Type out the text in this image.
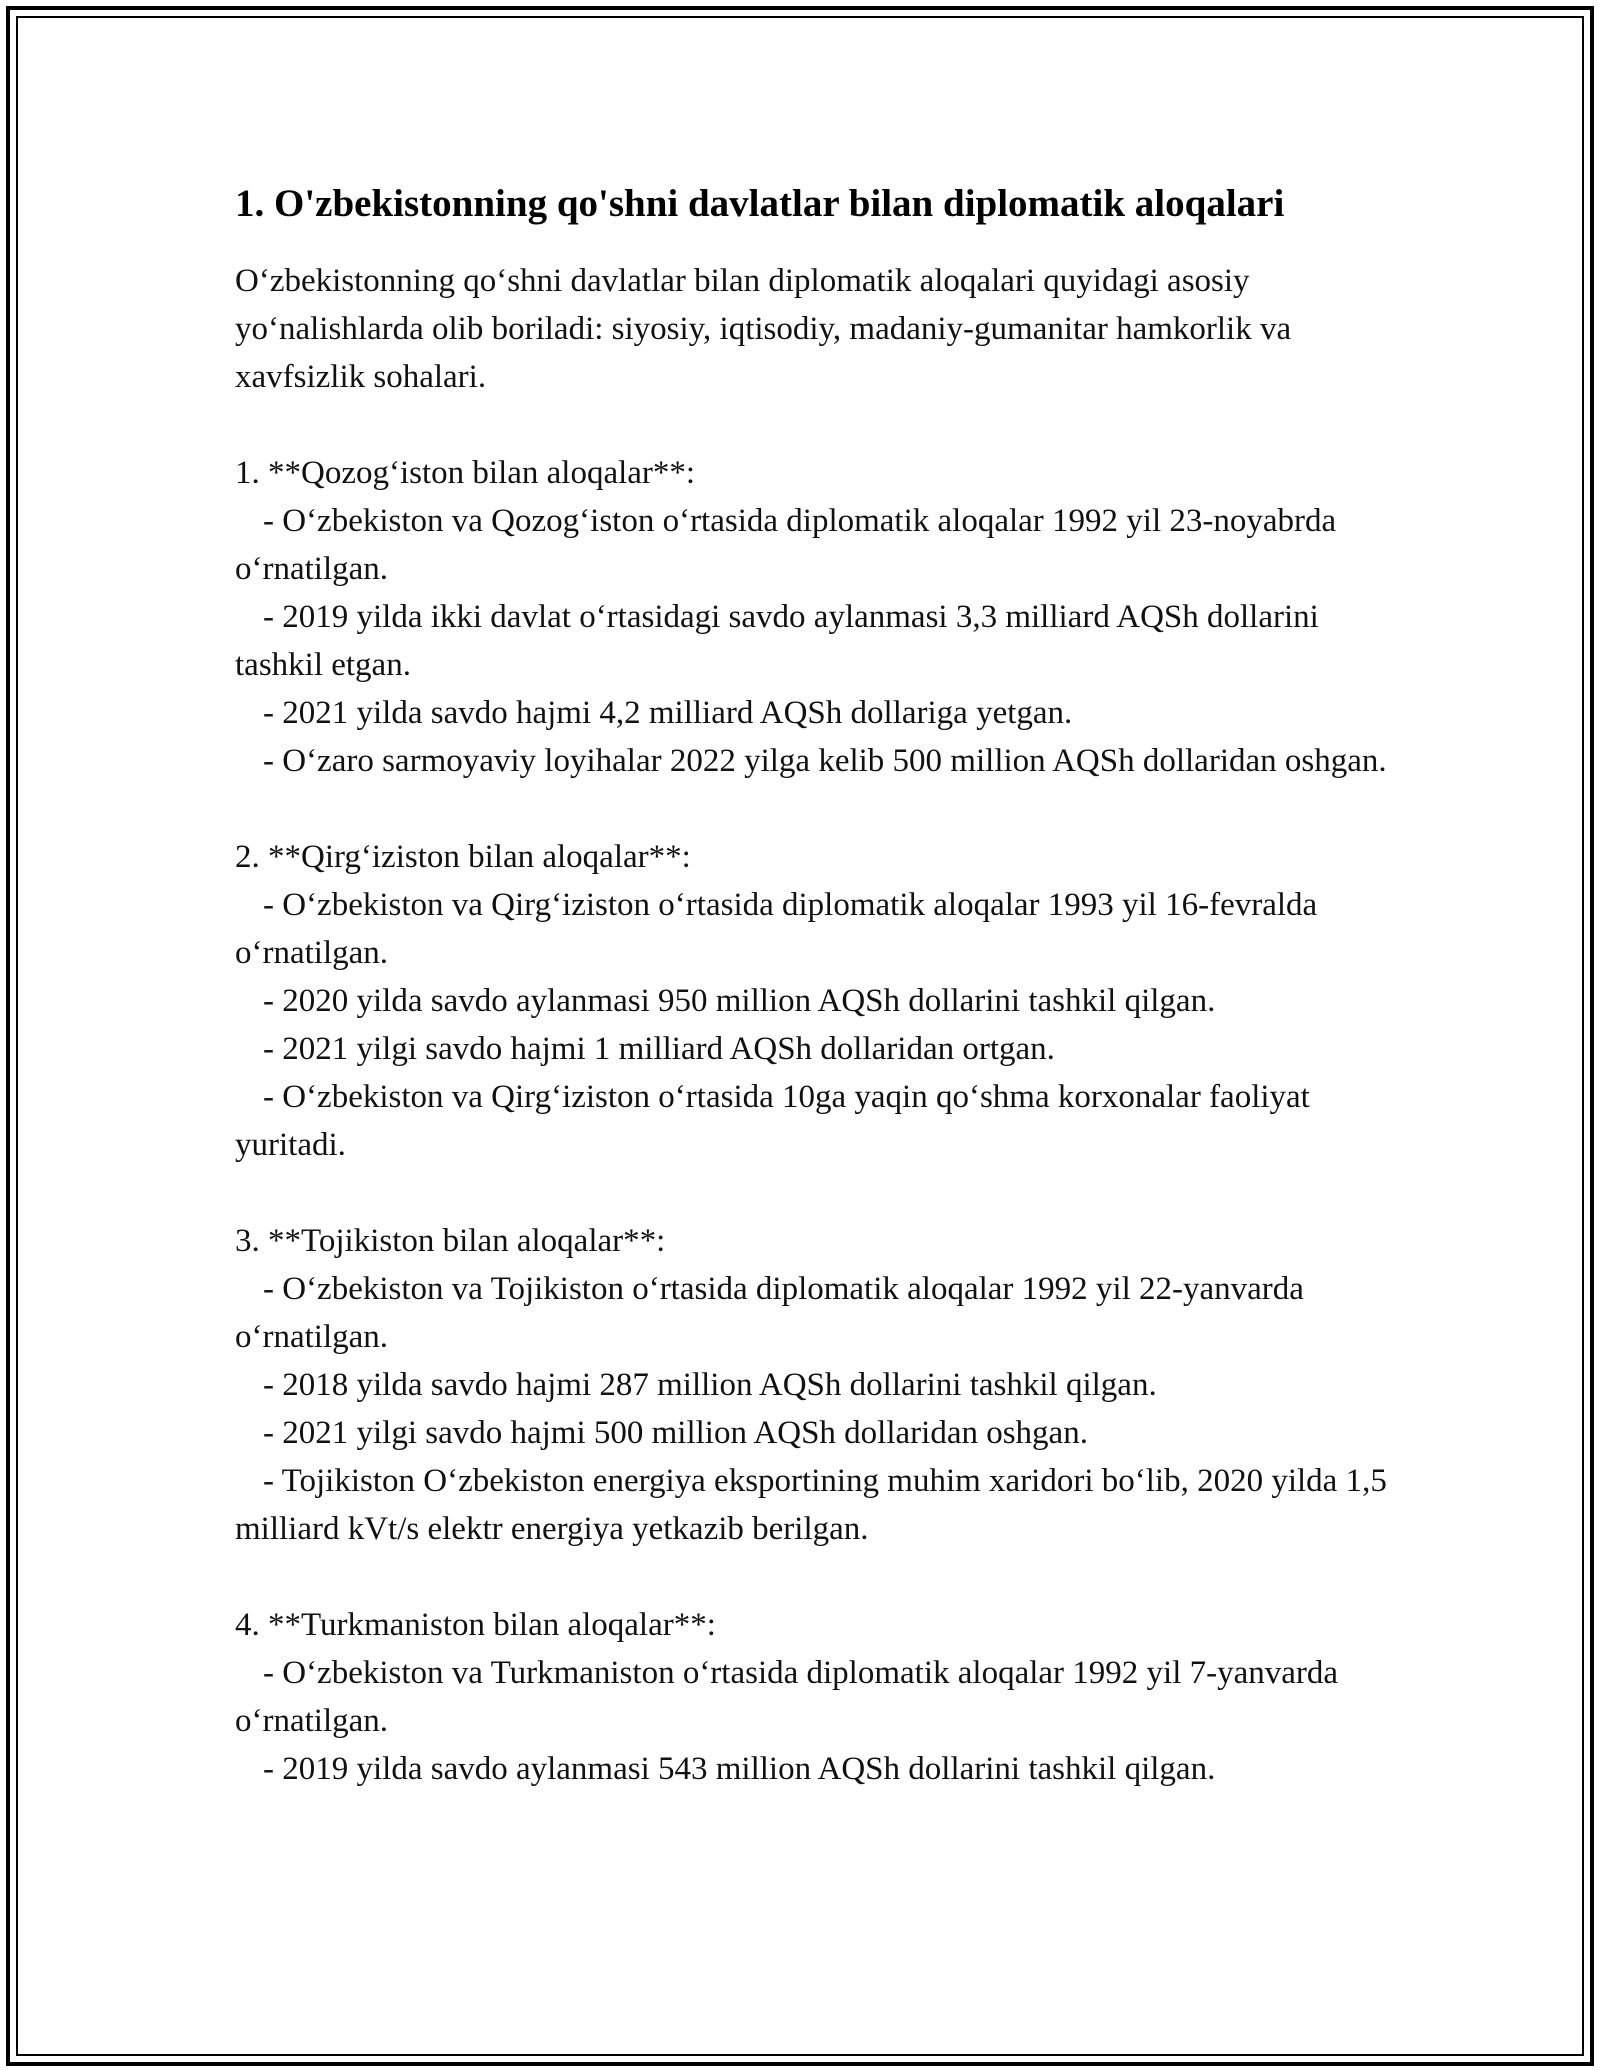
1. O'zbekistonning qo'shni davlatlar bilan diplomatik aloqalari

O‘zbekistonning qo‘shni davlatlar bilan diplomatik aloqalari quyidagi asosiy yo‘nalishlarda olib boriladi: siyosiy, iqtisodiy, madaniy-gumanitar hamkorlik va xavfsizlik sohalari.

1. **Qozog‘iston bilan aloqalar**:
- O‘zbekiston va Qozog‘iston o‘rtasida diplomatik aloqalar 1992 yil 23-noyabrda o‘rnatilgan.
- 2019 yilda ikki davlat o‘rtasidagi savdo aylanmasi 3,3 milliard AQSh dollarini tashkil etgan.
- 2021 yilda savdo hajmi 4,2 milliard AQSh dollariga yetgan.
- O‘zaro sarmoyaviy loyihalar 2022 yilga kelib 500 million AQSh dollaridan oshgan.
2. **Qirg‘iziston bilan aloqalar**:
- O‘zbekiston va Qirg‘iziston o‘rtasida diplomatik aloqalar 1993 yil 16-fevralda o‘rnatilgan.
- 2020 yilda savdo aylanmasi 950 million AQSh dollarini tashkil qilgan.
- 2021 yilgi savdo hajmi 1 milliard AQSh dollaridan ortgan.
- O‘zbekiston va Qirg‘iziston o‘rtasida 10ga yaqin qo‘shma korxonalar faoliyat yuritadi.
3. **Tojikiston bilan aloqalar**:
- O‘zbekiston va Tojikiston o‘rtasida diplomatik aloqalar 1992 yil 22-yanvarda o‘rnatilgan.
- 2018 yilda savdo hajmi 287 million AQSh dollarini tashkil qilgan.
- 2021 yilgi savdo hajmi 500 million AQSh dollaridan oshgan.
- Tojikiston O‘zbekiston energiya eksportining muhim xaridori bo‘lib, 2020 yilda 1,5 milliard kVt/s elektr energiya yetkazib berilgan.
4. **Turkmaniston bilan aloqalar**:
- O‘zbekiston va Turkmaniston o‘rtasida diplomatik aloqalar 1992 yil 7-yanvarda o‘rnatilgan.
- 2019 yilda savdo aylanmasi 543 million AQSh dollarini tashkil qilgan.
